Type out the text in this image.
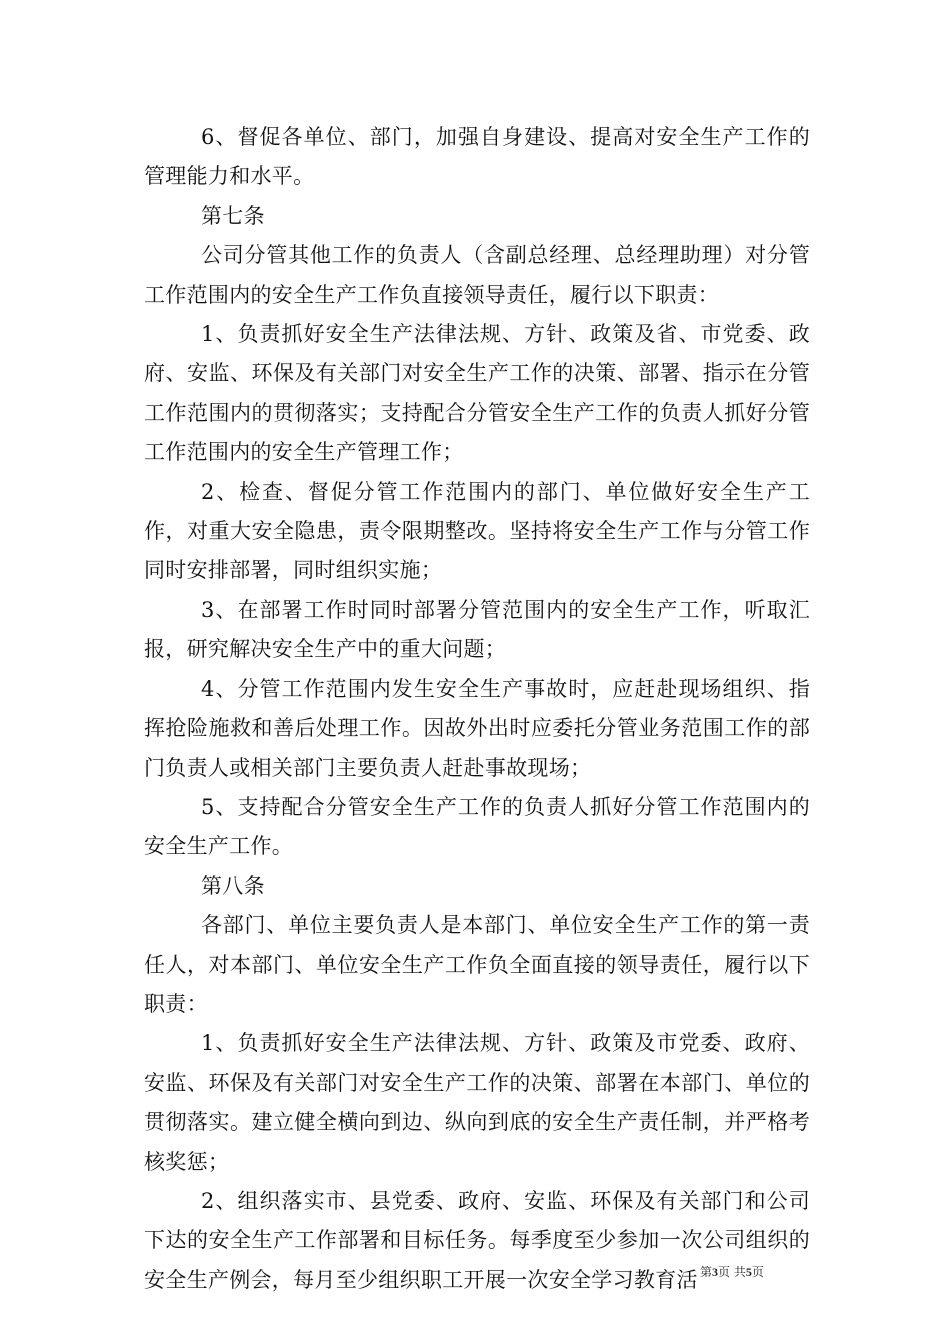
6、督促各单位、部门，加强自身建设、提高对安全生产工作的管理能力和水平。

第七条

公司分管其他工作的负责人（含副总经理、总经理助理）对分管工作范围内的安全生产工作负直接领导责任，履行以下职责：

1、负责抓好安全生产法律法规、方针、政策及省、市党委、政府、安监、环保及有关部门对安全生产工作的决策、部署、指示在分管工作范围内的贯彻落实；支持配合分管安全生产工作的负责人抓好分管工作范围内的安全生产管理工作；

2、检查、督促分管工作范围内的部门、单位做好安全生产工作，对重大安全隐患，责令限期整改。坚持将安全生产工作与分管工作同时安排部署，同时组织实施；

3、在部署工作时同时部署分管范围内的安全生产工作，听取汇报，研究解决安全生产中的重大问题；

4、分管工作范围内发生安全生产事故时，应赶赴现场组织、指挥抢险施救和善后处理工作。因故外出时应委托分管业务范围工作的部门负责人或相关部门主要负责人赶赴事故现场；

5、支持配合分管安全生产工作的负责人抓好分管工作范围内的安全生产工作。

第八条

各部门、单位主要负责人是本部门、单位安全生产工作的第一责任人，对本部门、单位安全生产工作负全面直接的领导责任，履行以下职责：

1、负责抓好安全生产法律法规、方针、政策及市党委、政府、安监、环保及有关部门对安全生产工作的决策、部署在本部门、单位的贯彻落实。建立健全横向到边、纵向到底的安全生产责任制，并严格考核奖惩；

2、组织落实市、县党委、政府、安监、环保及有关部门和公司下达的安全生产工作部署和目标任务。每季度至少参加一次公司组织的安全生产例会，每月至少组织职工开展一次安全学习教育活 第3页 共5页
